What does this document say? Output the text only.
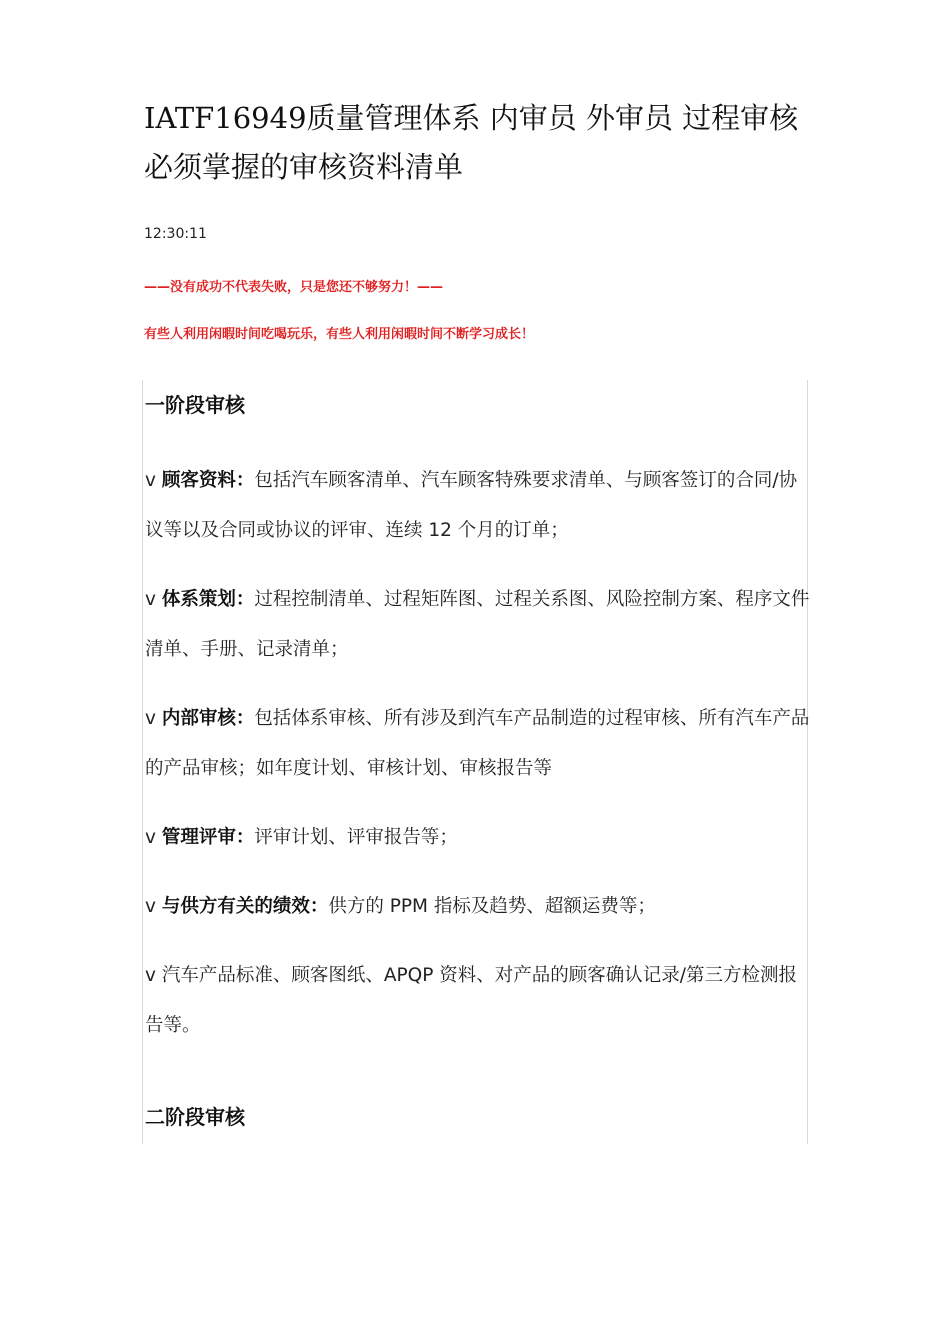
IATF16949质量管理体系 内审员 外审员 过程审核必须掌握的审核资料清单
12:30:11
——没有成功不代表失败，只是您还不够努力！——
有些人利用闲暇时间吃喝玩乐，有些人利用闲暇时间不断学习成长！
一阶段审核

v 顾客资料：包括汽车顾客清单、汽车顾客特殊要求清单、与顾客签订的合同/协议等以及合同或协议的评审、连续 12 个月的订单；

v 体系策划：过程控制清单、过程矩阵图、过程关系图、风险控制方案、程序文件清单、手册、记录清单；

v 内部审核：包括体系审核、所有涉及到汽车产品制造的过程审核、所有汽车产品的产品审核；如年度计划、审核计划、审核报告等

v 管理评审：评审计划、评审报告等；

v 与供方有关的绩效：供方的 PPM 指标及趋势、超额运费等；

v 汽车产品标准、顾客图纸、APQP 资料、对产品的顾客确认记录/第三方检测报告等。

二阶段审核
